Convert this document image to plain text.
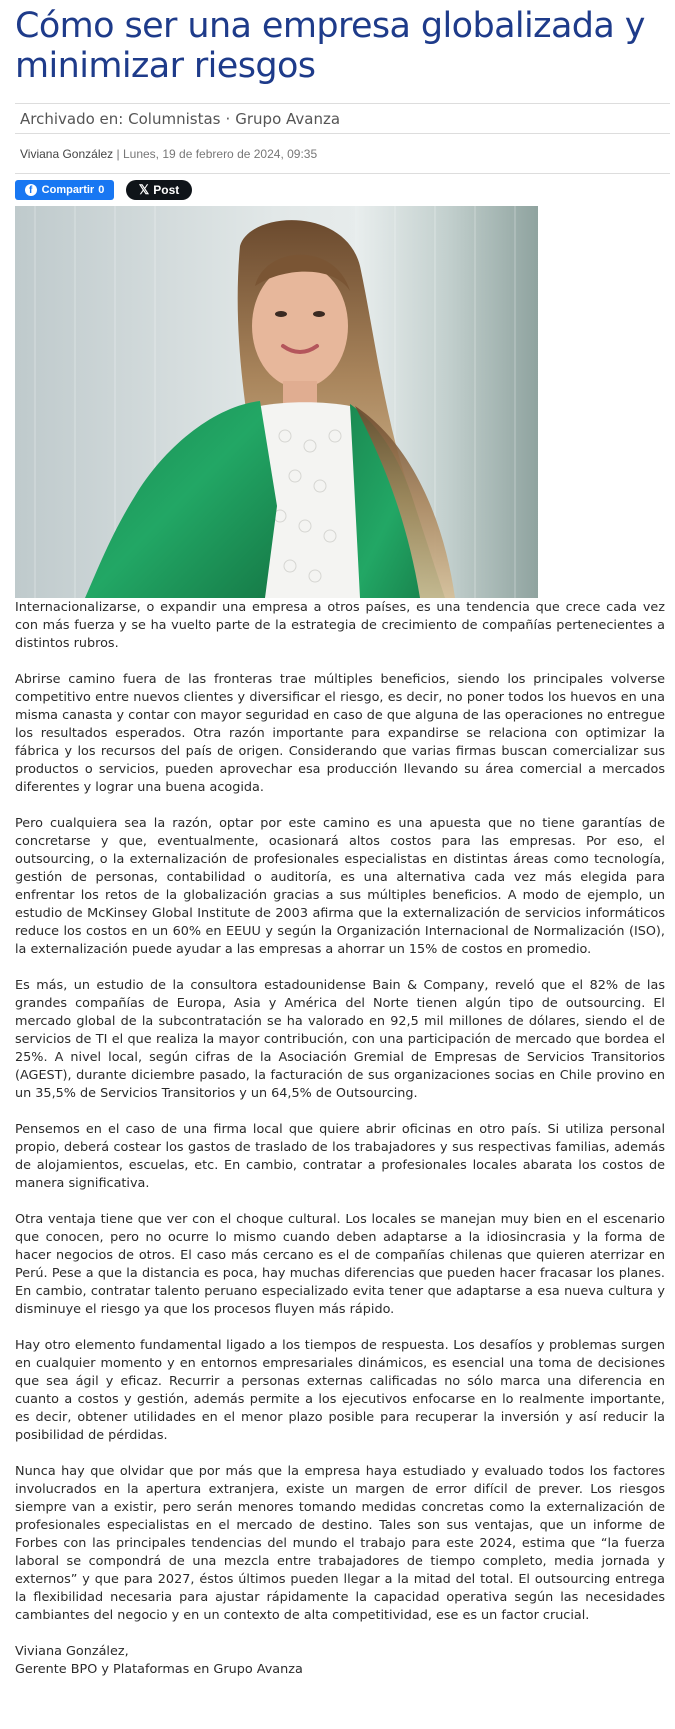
Cómo ser una empresa globalizada y minimizar riesgos
Archivado en:
Columnistas · Grupo Avanza
Viviana González
|
Lunes, 19 de febrero de 2024, 09:35
f Compartir 0	𝕏 Post

Internacionalizarse, o expandir una empresa a otros países, es una tendencia que crece cada vez con más fuerza y se ha vuelto parte de la estrategia de crecimiento de compañías pertenecientes a distintos rubros.

Abrirse camino fuera de las fronteras trae múltiples beneficios, siendo los principales volverse competitivo entre nuevos clientes y diversificar el riesgo, es decir, no poner todos los huevos en una misma canasta y contar con mayor seguridad en caso de que alguna de las operaciones no entregue los resultados esperados. Otra razón importante para expandirse se relaciona con optimizar la fábrica y los recursos del país de origen. Considerando que varias firmas buscan comercializar sus productos o servicios, pueden aprovechar esa producción llevando su área comercial a mercados diferentes y lograr una buena acogida.

Pero cualquiera sea la razón, optar por este camino es una apuesta que no tiene garantías de concretarse y que, eventualmente, ocasionará altos costos para las empresas. Por eso, el outsourcing, o la externalización de profesionales especialistas en distintas áreas como tecnología, gestión de personas, contabilidad o auditoría, es una alternativa cada vez más elegida para enfrentar los retos de la globalización gracias a sus múltiples beneficios. A modo de ejemplo, un estudio de McKinsey Global Institute de 2003 afirma que la externalización de servicios informáticos reduce los costos en un 60% en EEUU y según la Organización Internacional de Normalización (ISO), la externalización puede ayudar a las empresas a ahorrar un 15% de costos en promedio.

Es más, un estudio de la consultora estadounidense Bain & Company, reveló que el 82% de las grandes compañías de Europa, Asia y América del Norte tienen algún tipo de outsourcing. El mercado global de la subcontratación se ha valorado en 92,5 mil millones de dólares, siendo el de servicios de TI el que realiza la mayor contribución, con una participación de mercado que bordea el 25%. A nivel local, según cifras de la Asociación Gremial de Empresas de Servicios Transitorios (AGEST), durante diciembre pasado, la facturación de sus organizaciones socias en Chile provino en un 35,5% de Servicios Transitorios y un 64,5% de Outsourcing.

Pensemos en el caso de una firma local que quiere abrir oficinas en otro país. Si utiliza personal propio, deberá costear los gastos de traslado de los trabajadores y sus respectivas familias, además de alojamientos, escuelas, etc. En cambio, contratar a profesionales locales abarata los costos de manera significativa.

Otra ventaja tiene que ver con el choque cultural. Los locales se manejan muy bien en el escenario que conocen, pero no ocurre lo mismo cuando deben adaptarse a la idiosincrasia y la forma de hacer negocios de otros. El caso más cercano es el de compañías chilenas que quieren aterrizar en Perú. Pese a que la distancia es poca, hay muchas diferencias que pueden hacer fracasar los planes. En cambio, contratar talento peruano especializado evita tener que adaptarse a esa nueva cultura y disminuye el riesgo ya que los procesos fluyen más rápido.

Hay otro elemento fundamental ligado a los tiempos de respuesta. Los desafíos y problemas surgen en cualquier momento y en entornos empresariales dinámicos, es esencial una toma de decisiones que sea ágil y eficaz. Recurrir a personas externas calificadas no sólo marca una diferencia en cuanto a costos y gestión, además permite a los ejecutivos enfocarse en lo realmente importante, es decir, obtener utilidades en el menor plazo posible para recuperar la inversión y así reducir la posibilidad de pérdidas.

Nunca hay que olvidar que por más que la empresa haya estudiado y evaluado todos los factores involucrados en la apertura extranjera, existe un margen de error difícil de prever. Los riesgos siempre van a existir, pero serán menores tomando medidas concretas como la externalización de profesionales especialistas en el mercado de destino. Tales son sus ventajas, que un informe de Forbes con las principales tendencias del mundo el trabajo para este 2024, estima que “la fuerza laboral se compondrá de una mezcla entre trabajadores de tiempo completo, media jornada y externos” y que para 2027, éstos últimos pueden llegar a la mitad del total. El outsourcing entrega la flexibilidad necesaria para ajustar rápidamente la capacidad operativa según las necesidades cambiantes del negocio y en un contexto de alta competitividad, ese es un factor crucial.

Viviana González,
Gerente BPO y Plataformas en Grupo Avanza
